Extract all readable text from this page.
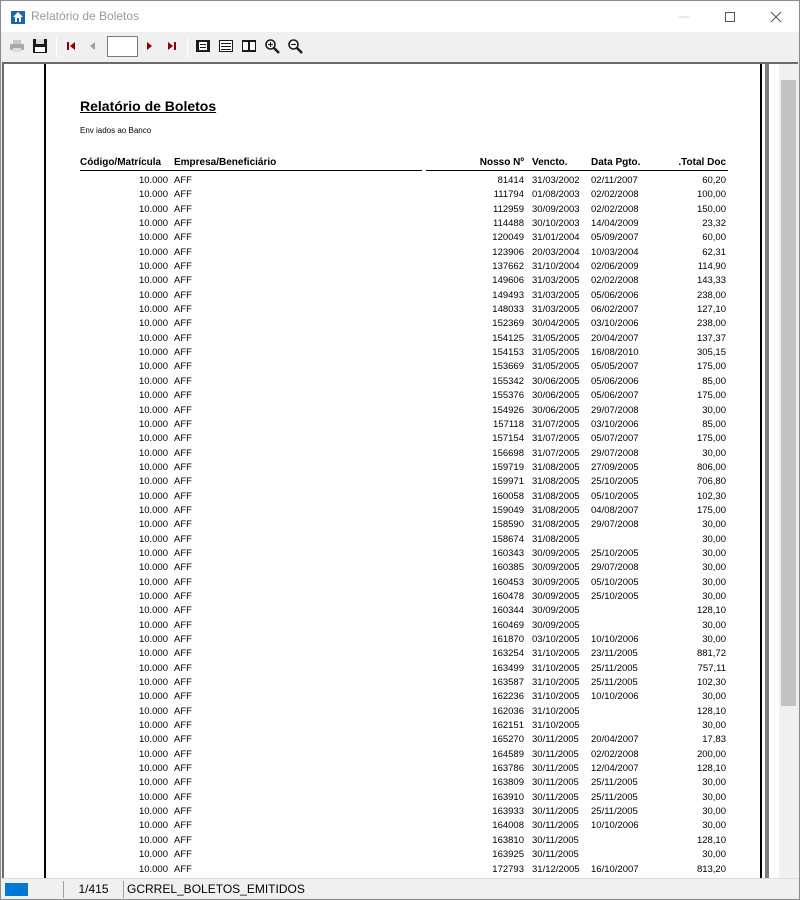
Relatório de Boletos
Relatório de Boletos
Env iados ao Banco
Código/Matrícula Empresa/Beneficiário	Nosso Nº Vencto. Data Pgto.	.Total Doc
10.000 AFF	81414 31/03/2002 02/11/2007	60,20
10.000 AFF	111794 01/08/2003 02/02/2008	100,00
10.000 AFF	112959 30/09/2003 02/02/2008	150,00
10.000 AFF	114488 30/10/2003 14/04/2009	23,32
10.000 AFF	120049 31/01/2004 05/09/2007	60,00
10.000 AFF	123906 20/03/2004 10/03/2004	62,31
10.000 AFF	137662 31/10/2004 02/06/2009	114,90
10.000 AFF	149606 31/03/2005 02/02/2008	143,33
10.000 AFF	149493 31/03/2005 05/06/2006	238,00
10.000 AFF	148033 31/03/2005 06/02/2007	127,10
10.000 AFF	152369 30/04/2005 03/10/2006	238,00
10.000 AFF	154125 31/05/2005 20/04/2007	137,37
10.000 AFF	154153 31/05/2005 16/08/2010	305,15
10.000 AFF	153669 31/05/2005 05/05/2007	175,00
10.000 AFF	155342 30/06/2005 05/06/2006	85,00
10.000 AFF	155376 30/06/2005 05/06/2007	175,00
10.000 AFF	154926 30/06/2005 29/07/2008	30,00
10.000 AFF	157118 31/07/2005 03/10/2006	85,00
10.000 AFF	157154 31/07/2005 05/07/2007	175,00
10.000 AFF	156698 31/07/2005 29/07/2008	30,00
10.000 AFF	159719 31/08/2005 27/09/2005	806,00
10.000 AFF	159971 31/08/2005 25/10/2005	706,80
10.000 AFF	160058 31/08/2005 05/10/2005	102,30
10.000 AFF	159049 31/08/2005 04/08/2007	175,00
10.000 AFF	158590 31/08/2005 29/07/2008	30,00
10.000 AFF	158674 31/08/2005	30,00
10.000 AFF	160343 30/09/2005 25/10/2005	30,00
10.000 AFF	160385 30/09/2005 29/07/2008	30,00
10.000 AFF	160453 30/09/2005 05/10/2005	30,00
10.000 AFF	160478 30/09/2005 25/10/2005	30,00
10.000 AFF	160344 30/09/2005	128,10
10.000 AFF	160469 30/09/2005	30,00
10.000 AFF	161870 03/10/2005 10/10/2006	30,00
10.000 AFF	163254 31/10/2005 23/11/2005	881,72
10.000 AFF	163499 31/10/2005 25/11/2005	757,11
10.000 AFF	163587 31/10/2005 25/11/2005	102,30
10.000 AFF	162236 31/10/2005 10/10/2006	30,00
10.000 AFF	162036 31/10/2005	128,10
10.000 AFF	162151 31/10/2005	30,00
10.000 AFF	165270 30/11/2005 20/04/2007	17,83
10.000 AFF	164589 30/11/2005 02/02/2008	200,00
10.000 AFF	163786 30/11/2005 12/04/2007	128,10
10.000 AFF	163809 30/11/2005 25/11/2005	30,00
10.000 AFF	163910 30/11/2005 25/11/2005	30,00
10.000 AFF	163933 30/11/2005 25/11/2005	30,00
10.000 AFF	164008 30/11/2005 10/10/2006	30,00
10.000 AFF	163810 30/11/2005	128,10
10.000 AFF	163925 30/11/2005	30,00
10.000 AFF	172793 31/12/2005 16/10/2007	813,20
1/415	GCRREL_BOLETOS_EMITIDOS
